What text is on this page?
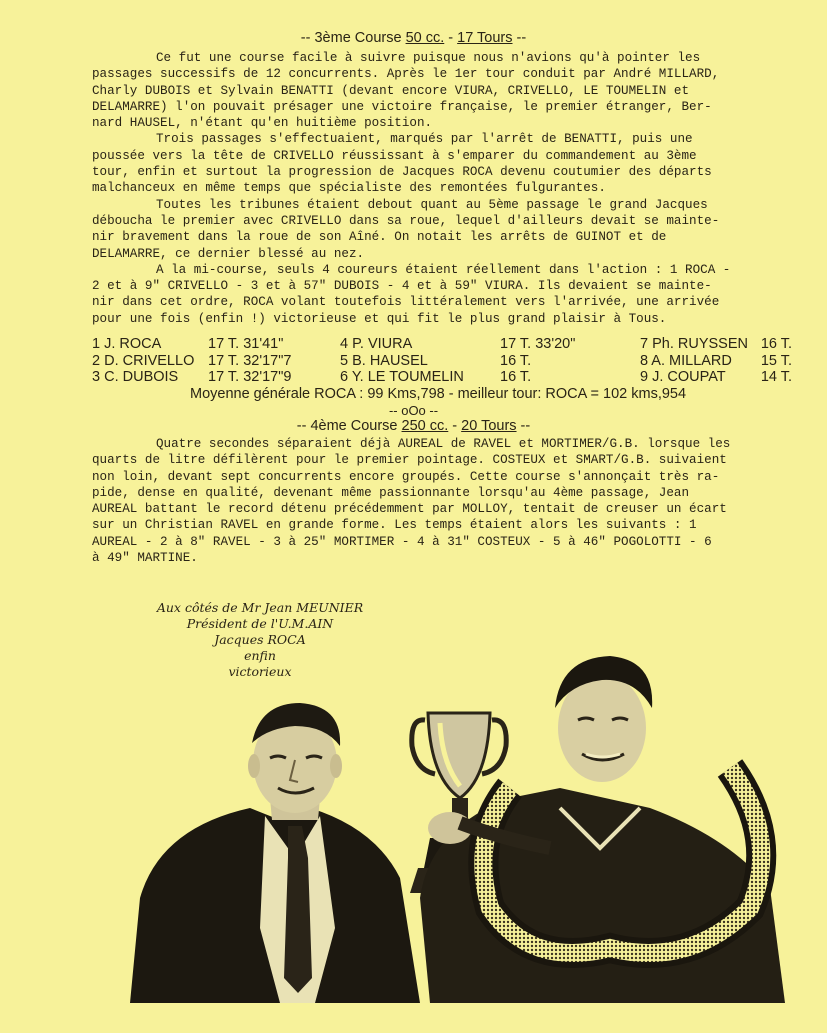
-- 3ème Course 50 cc. - 17 Tours --
Ce fut une course facile à suivre puisque nous n'avions qu'à pointer les
passages successifs de 12 concurrents. Après le 1er tour conduit par André MILLARD,
Charly DUBOIS et Sylvain BENATTI (devant encore VIURA, CRIVELLO, LE TOUMELIN et
DELAMARRE) l'on pouvait présager une victoire française, le premier étranger, Ber-
nard HAUSEL, n'étant qu'en huitième position.
Trois passages s'effectuaient, marqués par l'arrêt de BENATTI, puis une
poussée vers la tête de CRIVELLO réussissant à s'emparer du commandement au 3ème
tour, enfin et surtout la progression de Jacques ROCA devenu coutumier des départs
malchanceux en même temps que spécialiste des remontées fulgurantes.
Toutes les tribunes étaient debout quant au 5ème passage le grand Jacques
déboucha le premier avec CRIVELLO dans sa roue, lequel d'ailleurs devait se mainte-
nir bravement dans la roue de son Aîné. On notait les arrêts de GUINOT et de
DELAMARRE, ce dernier blessé au nez.
A la mi-course, seuls 4 coureurs étaient réellement dans l'action : 1 ROCA -
2 et à 9" CRIVELLO - 3 et à 57" DUBOIS - 4 et à 59" VIURA. Ils devaient se mainte-
nir dans cet ordre, ROCA volant toutefois littéralement vers l'arrivée, une arrivée
pour une fois (enfin !) victorieuse et qui fit le plus grand plaisir à Tous.
1 J. ROCA	17 T. 31'41"	4 P. VIURA	17 T. 33'20"	7 Ph. RUYSSEN 16 T.
2 D. CRIVELLO 17 T. 32'17"7	5 B. HAUSEL	16 T.	8 A. MILLARD	15 T.
3 C. DUBOIS	17 T. 32'17"9	6 Y. LE TOUMELIN	16 T.	9 J. COUPAT	14 T.
Moyenne générale ROCA : 99 Kms,798 - meilleur tour: ROCA = 102 kms,954
-- oOo --
-- 4ème Course 250 cc. - 20 Tours --
Quatre secondes séparaient déjà AUREAL de RAVEL et MORTIMER/G.B. lorsque les
quarts de litre défilèrent pour le premier pointage. COSTEUX et SMART/G.B. suivaient
non loin, devant sept concurrents encore groupés. Cette course s'annonçait très ra-
pide, dense en qualité, devenant même passionnante lorsqu'au 4ème passage, Jean
AUREAL battant le record détenu précédemment par MOLLOY, tentait de creuser un écart
sur un Christian RAVEL en grande forme. Les temps étaient alors les suivants : 1
AUREAL - 2 à 8" RAVEL - 3 à 25" MORTIMER - 4 à 31" COSTEUX - 5 à 46" POGOLOTTI - 6
à 49" MARTINE.
Aux côtés de Mr Jean MEUNIER
Président de l'U.M.AIN
Jacques ROCA
enfin
victorieux
